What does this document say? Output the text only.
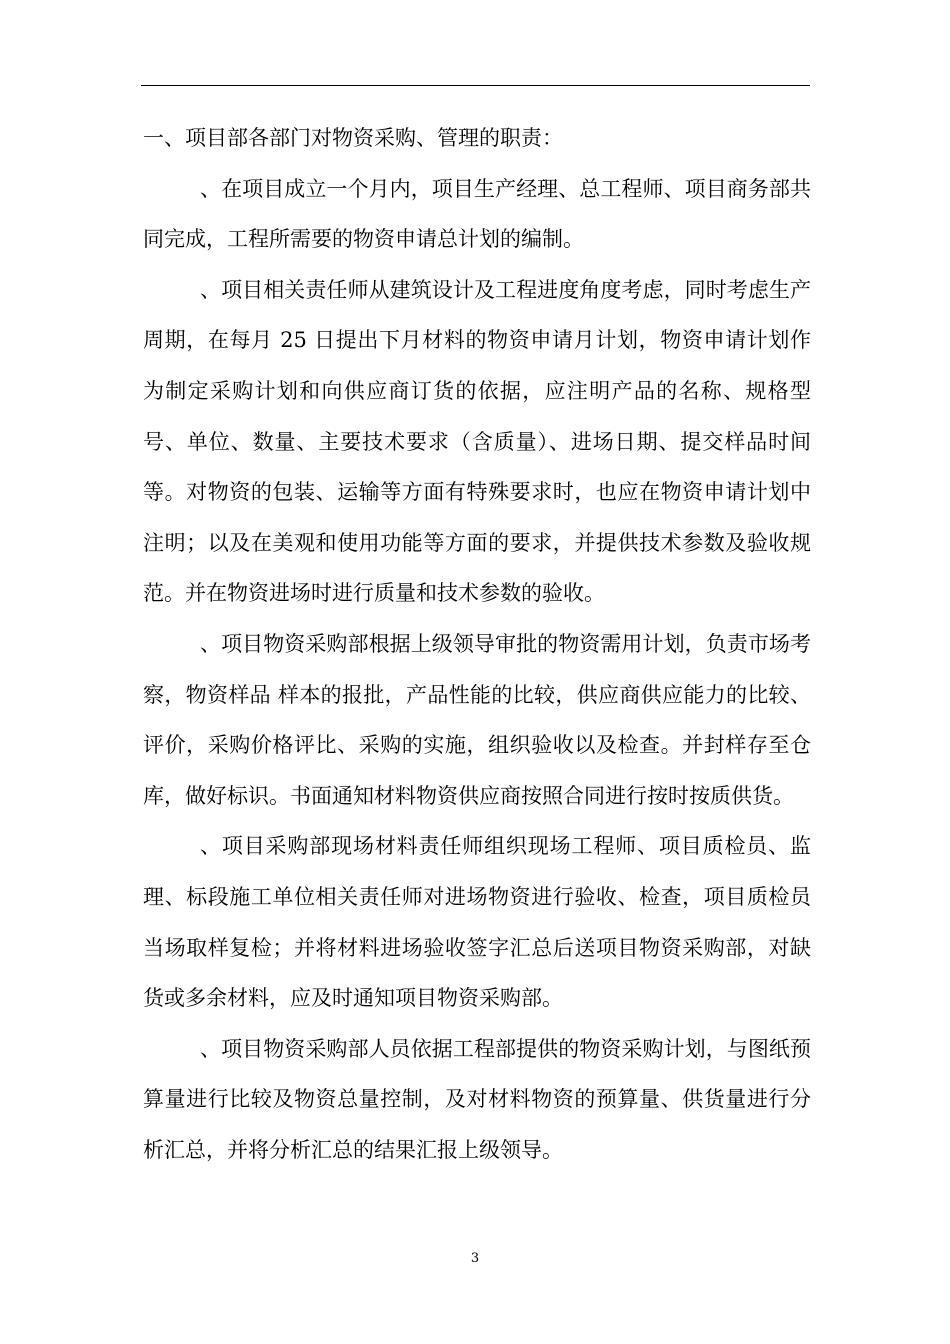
一、项目部各部门对物资采购、管理的职责：

、在项目成立一个月内，项目生产经理、总工程师、项目商务部共同完成，工程所需要的物资申请总计划的编制。

、项目相关责任师从建筑设计及工程进度角度考虑，同时考虑生产周期，在每月 25 日提出下月材料的物资申请月计划，物资申请计划作为制定采购计划和向供应商订货的依据，应注明产品的名称、规格型号、单位、数量、主要技术要求（含质量）、进场日期、提交样品时间等。对物资的包装、运输等方面有特殊要求时，也应在物资申请计划中注明；以及在美观和使用功能等方面的要求，并提供技术参数及验收规范。并在物资进场时进行质量和技术参数的验收。

、项目物资采购部根据上级领导审批的物资需用计划，负责市场考察，物资样品 样本的报批，产品性能的比较，供应商供应能力的比较、评价，采购价格评比、采购的实施，组织验收以及检查。并封样存至仓库，做好标识。书面通知材料物资供应商按照合同进行按时按质供货。

、项目采购部现场材料责任师组织现场工程师、项目质检员、监理、标段施工单位相关责任师对进场物资进行验收、检查，项目质检员当场取样复检；并将材料进场验收签字汇总后送项目物资采购部，对缺货或多余材料，应及时通知项目物资采购部。

、项目物资采购部人员依据工程部提供的物资采购计划，与图纸预算量进行比较及物资总量控制，及对材料物资的预算量、供货量进行分析汇总，并将分析汇总的结果汇报上级领导。

3
